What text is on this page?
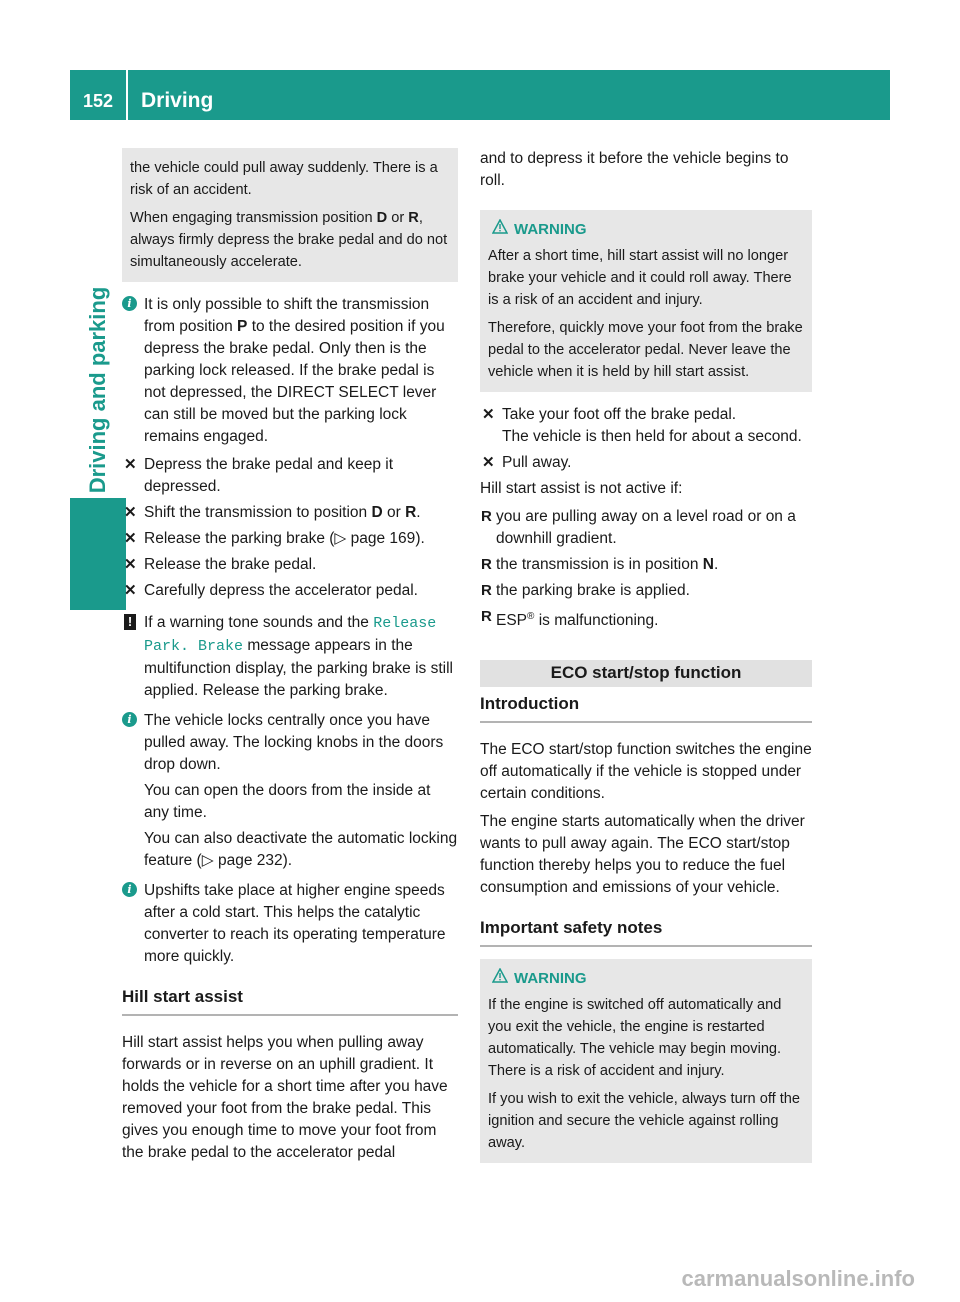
152	Driving
Driving and parking

the vehicle could pull away suddenly. There is a risk of an accident.

When engaging transmission position D or R, always firmly depress the brake pedal and do not simultaneously accelerate.

i It is only possible to shift the transmission from position P to the desired position if you depress the brake pedal. Only then is the parking lock released. If the brake pedal is not depressed, the DIRECT SELECT lever can still be moved but the parking lock remains engaged.
✕ Depress the brake pedal and keep it depressed.
✕ Shift the transmission to position D or R.
✕ Release the parking brake (▷ page 169).
✕ Release the brake pedal.
✕ Carefully depress the accelerator pedal.
! If a warning tone sounds and the Release Park. Brake message appears in the multifunction display, the parking brake is still applied. Release the parking brake.
i The vehicle locks centrally once you have pulled away. The locking knobs in the doors drop down.

You can open the doors from the inside at any time.

You can also deactivate the automatic locking feature (▷ page 232).

i Upshifts take place at higher engine speeds after a cold start. This helps the catalytic converter to reach its operating temperature more quickly.
Hill start assist

Hill start assist helps you when pulling away forwards or in reverse on an uphill gradient. It holds the vehicle for a short time after you have removed your foot from the brake pedal. This gives you enough time to move your foot from the brake pedal to the accelerator pedal

and to depress it before the vehicle begins to roll.

WARNING

After a short time, hill start assist will no longer brake your vehicle and it could roll away. There is a risk of an accident and injury.

Therefore, quickly move your foot from the brake pedal to the accelerator pedal. Never leave the vehicle when it is held by hill start assist.

✕ Take your foot off the brake pedal.
The vehicle is then held for about a second.
✕ Pull away.

Hill start assist is not active if:

R you are pulling away on a level road or on a downhill gradient.
R the transmission is in position N.
R the parking brake is applied.
R ESP® is malfunctioning.
ECO start/stop function
Introduction

The ECO start/stop function switches the engine off automatically if the vehicle is stopped under certain conditions.

The engine starts automatically when the driver wants to pull away again. The ECO start/stop function thereby helps you to reduce the fuel consumption and emissions of your vehicle.

Important safety notes
WARNING

If the engine is switched off automatically and you exit the vehicle, the engine is restarted automatically. The vehicle may begin moving. There is a risk of accident and injury.

If you wish to exit the vehicle, always turn off the ignition and secure the vehicle against rolling away.

carmanualsonline.info
